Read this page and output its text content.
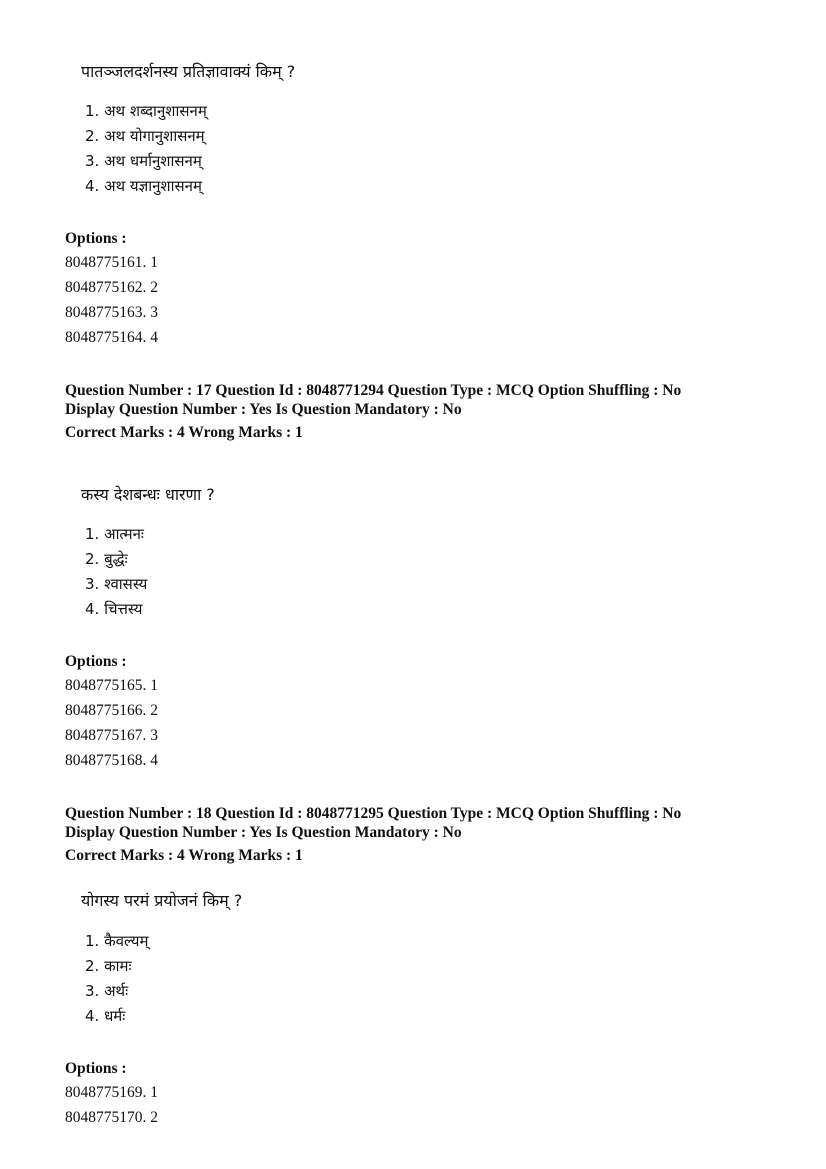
पातञ्जलदर्शनस्य प्रतिज्ञावाक्यं किम् ?
1. अथ शब्दानुशासनम्
2. अथ योगानुशासनम्
3. अथ धर्मानुशासनम्
4. अथ यज्ञानुशासनम्
Options :
8048775161. 1
8048775162. 2
8048775163. 3
8048775164. 4
Question Number : 17 Question Id : 8048771294 Question Type : MCQ Option Shuffling : No
Display Question Number : Yes Is Question Mandatory : No
Correct Marks : 4 Wrong Marks : 1
कस्य देशबन्धः धारणा ?
1. आत्मनः
2. बुद्धेः
3. श्वासस्य
4. चित्तस्य
Options :
8048775165. 1
8048775166. 2
8048775167. 3
8048775168. 4
Question Number : 18 Question Id : 8048771295 Question Type : MCQ Option Shuffling : No
Display Question Number : Yes Is Question Mandatory : No
Correct Marks : 4 Wrong Marks : 1
योगस्य परमं प्रयोजनं किम् ?
1. कैवल्यम्
2. कामः
3. अर्थः
4. धर्मः
Options :
8048775169. 1
8048775170. 2
